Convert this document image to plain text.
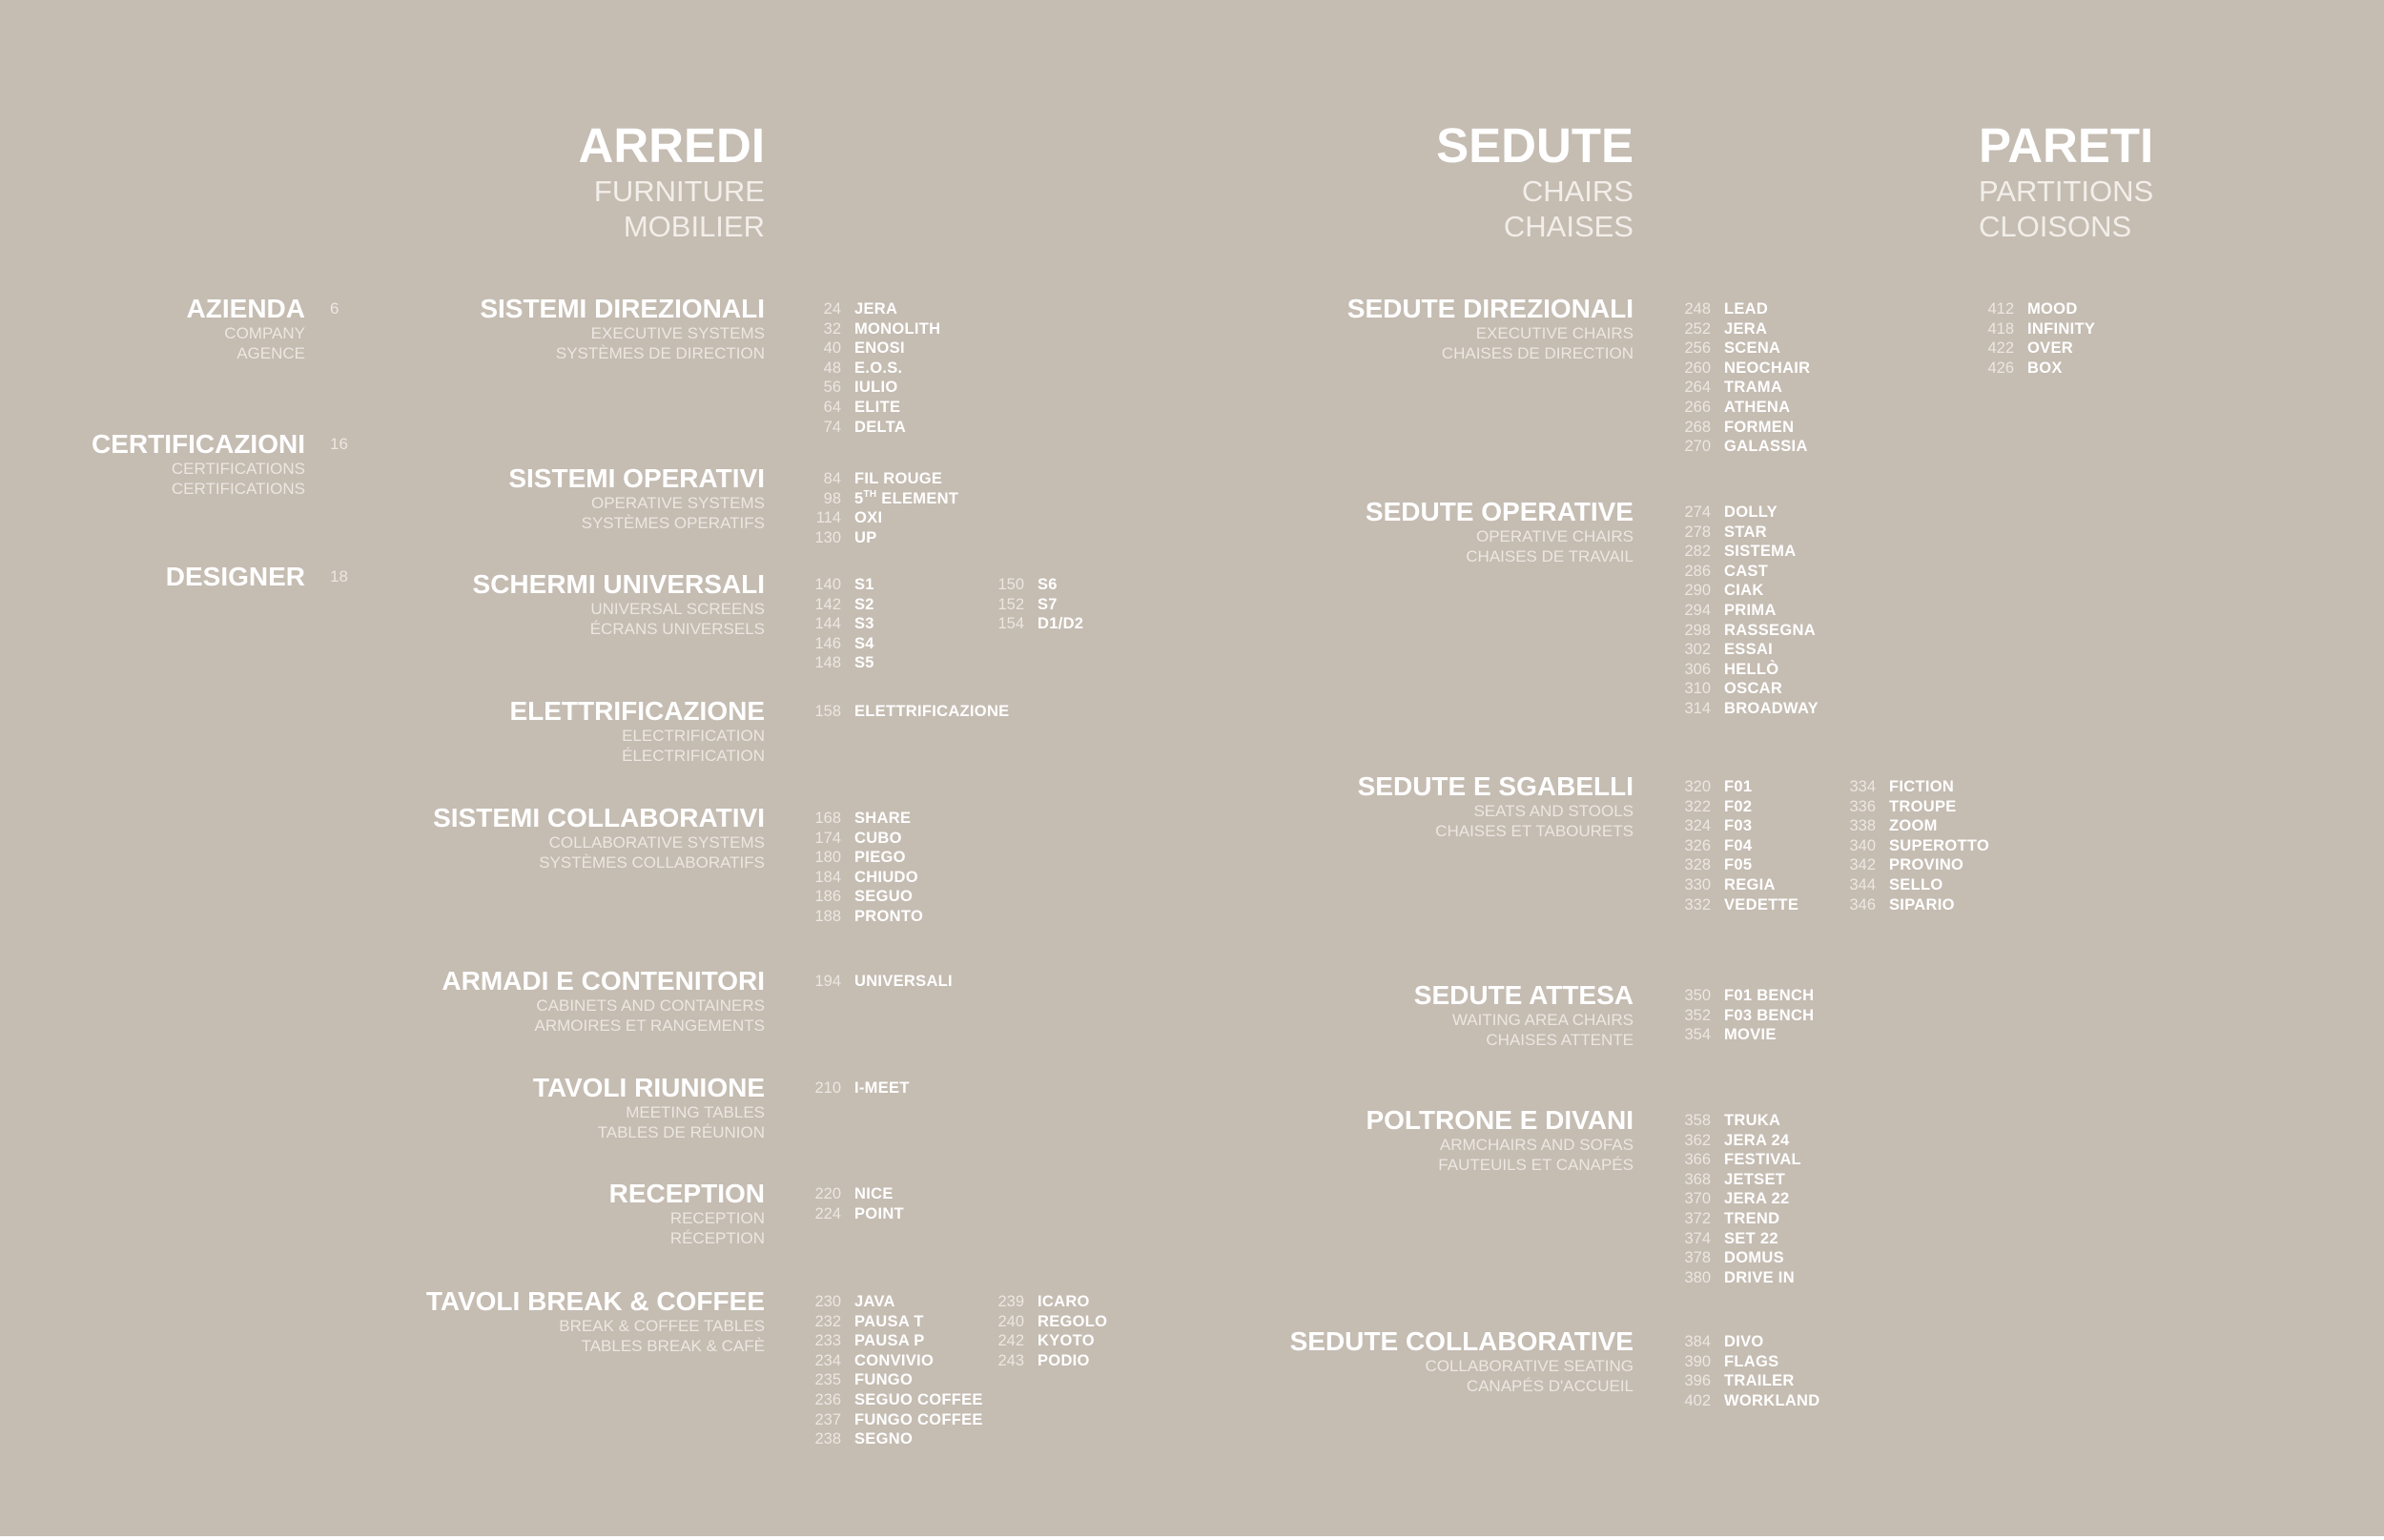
ARREDI
FURNITURE
MOBILIER
SEDUTE
CHAIRS
CHAISES
PARETI
PARTITIONS
CLOISONS
AZIENDA
COMPANY
AGENCE
6
CERTIFICAZIONI
CERTIFICATIONS
CERTIFICATIONS
16
DESIGNER 18
SISTEMI DIREZIONALI
EXECUTIVE SYSTEMS
SYSTÈMES DE DIRECTION
24 JERA
32 MONOLITH
40 ENOSI
48 E.O.S.
56 IULIO
64 ELITE
74 DELTA
SISTEMI OPERATIVI
OPERATIVE SYSTEMS
SYSTÈMES OPERATIFS
84 FIL ROUGE
98 5TH ELEMENT
114 OXI
130 UP
SCHERMI UNIVERSALI
UNIVERSAL SCREENS
ÉCRANS UNIVERSELS
140 S1
142 S2
144 S3
146 S4
148 S5
150 S6
152 S7
154 D1/D2
ELETTRIFICAZIONE
ELECTRIFICATION
ÉLECTRIFICATION
158 ELETTRIFICAZIONE
SISTEMI COLLABORATIVI
COLLABORATIVE SYSTEMS
SYSTÈMES COLLABORATIFS
168 SHARE
174 CUBO
180 PIEGO
184 CHIUDO
186 SEGUO
188 PRONTO
ARMADI E CONTENITORI
CABINETS AND CONTAINERS
ARMOIRES ET RANGEMENTS
194 UNIVERSALI
TAVOLI RIUNIONE
MEETING TABLES
TABLES DE RÉUNION
210 I-MEET
RECEPTION
RECEPTION
RÉCEPTION
220 NICE
224 POINT
TAVOLI BREAK & COFFEE
BREAK & COFFEE TABLES
TABLES BREAK & CAFÈ
230 JAVA
232 PAUSA T
233 PAUSA P
234 CONVIVIO
235 FUNGO
236 SEGUO COFFEE
237 FUNGO COFFEE
238 SEGNO
239 ICARO
240 REGOLO
242 KYOTO
243 PODIO
SEDUTE DIREZIONALI
EXECUTIVE CHAIRS
CHAISES DE DIRECTION
248 LEAD
252 JERA
256 SCENA
260 NEOCHAIR
264 TRAMA
266 ATHENA
268 FORMEN
270 GALASSIA
SEDUTE OPERATIVE
OPERATIVE CHAIRS
CHAISES DE TRAVAIL
274 DOLLY
278 STAR
282 SISTEMA
286 CAST
290 CIAK
294 PRIMA
298 RASSEGNA
302 ESSAI
306 HELLÒ
310 OSCAR
314 BROADWAY
SEDUTE E SGABELLI
SEATS AND STOOLS
CHAISES ET TABOURETS
320 F01
322 F02
324 F03
326 F04
328 F05
330 REGIA
332 VEDETTE
334 FICTION
336 TROUPE
338 ZOOM
340 SUPEROTTO
342 PROVINO
344 SELLO
346 SIPARIO
SEDUTE ATTESA
WAITING AREA CHAIRS
CHAISES ATTENTE
350 F01 BENCH
352 F03 BENCH
354 MOVIE
POLTRONE E DIVANI
ARMCHAIRS AND SOFAS
FAUTEUILS ET CANAPÉS
358 TRUKA
362 JERA 24
366 FESTIVAL
368 JETSET
370 JERA 22
372 TREND
374 SET 22
378 DOMUS
380 DRIVE IN
SEDUTE COLLABORATIVE
COLLABORATIVE SEATING
CANAPÉS D'ACCUEIL
384 DIVO
390 FLAGS
396 TRAILER
402 WORKLAND
412 MOOD
418 INFINITY
422 OVER
426 BOX
